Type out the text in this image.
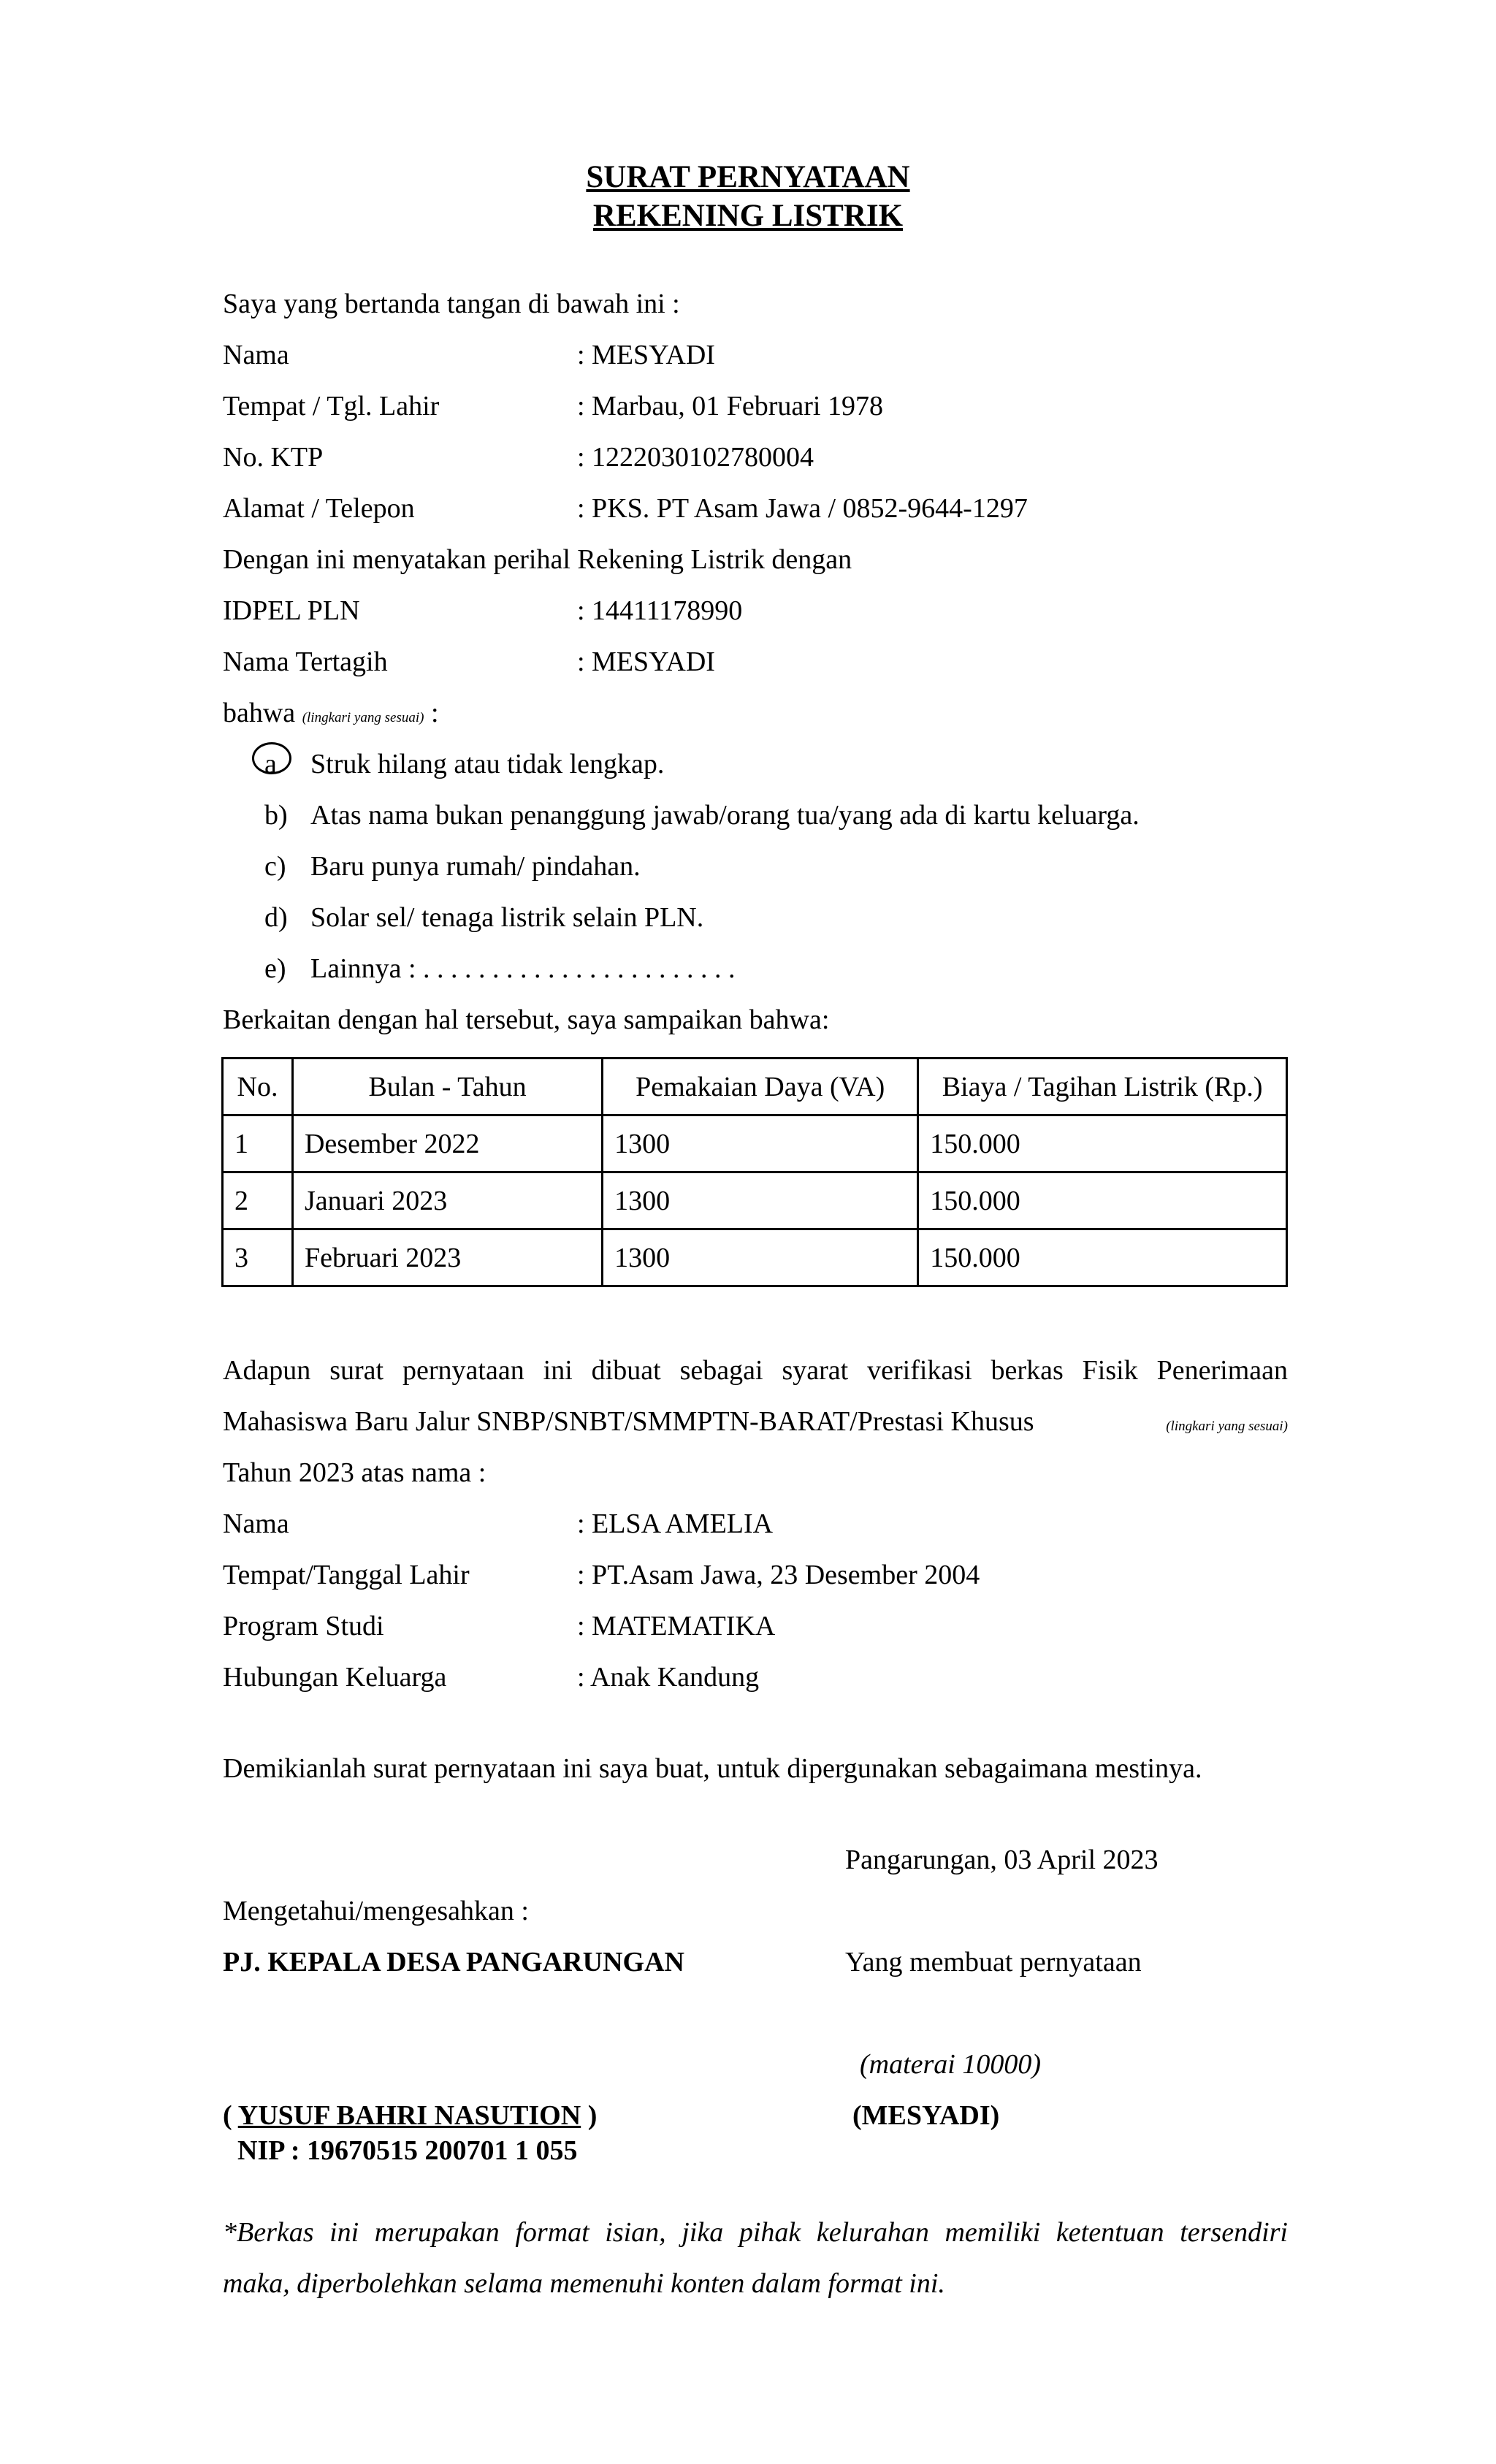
SURAT PERNYATAAN
REKENING LISTRIK
Saya yang bertanda tangan di bawah ini :
Nama	: MESYADI
Tempat / Tgl. Lahir	: Marbau, 01 Februari 1978
No. KTP	: 1222030102780004
Alamat / Telepon	: PKS. PT Asam Jawa / 0852-9644-1297
Dengan ini menyatakan perihal Rekening Listrik dengan
IDPEL PLN	: 14411178990
Nama Tertagih	: MESYADI
bahwa (lingkari yang sesuai) :
a Struk hilang atau tidak lengkap.
b) Atas nama bukan penanggung jawab/orang tua/yang ada di kartu keluarga.
c) Baru punya rumah/ pindahan.
d) Solar sel/ tenaga listrik selain PLN.
e) Lainnya : . . . . . . . . . . . . . . . . . . . . . . .
Berkaitan dengan hal tersebut, saya sampaikan bahwa:
No.	Bulan - Tahun	Pemakaian Daya (VA)	Biaya / Tagihan Listrik (Rp.)
1	Desember 2022	1300	150.000
2	Januari 2023	1300	150.000
3	Februari 2023	1300	150.000
Adapun surat pernyataan ini dibuat sebagai syarat verifikasi berkas Fisik Penerimaan
Mahasiswa Baru Jalur SNBP/SNBT/SMMPTN-BARAT/Prestasi Khusus	(lingkari yang sesuai)
Tahun 2023 atas nama :
Nama	: ELSA AMELIA
Tempat/Tanggal Lahir	: PT.Asam Jawa, 23 Desember 2004
Program Studi	: MATEMATIKA
Hubungan Keluarga	: Anak Kandung
Demikianlah surat pernyataan ini saya buat, untuk dipergunakan sebagaimana mestinya.
Pangarungan, 03 April 2023
Mengetahui/mengesahkan :
PJ. KEPALA DESA PANGARUNGAN	Yang membuat pernyataan
(materai 10000)
( YUSUF BAHRI NASUTION )	(MESYADI)
NIP : 19670515 200701 1 055
*Berkas ini merupakan format isian, jika pihak kelurahan memiliki ketentuan tersendiri
maka, diperbolehkan selama memenuhi konten dalam format ini.
